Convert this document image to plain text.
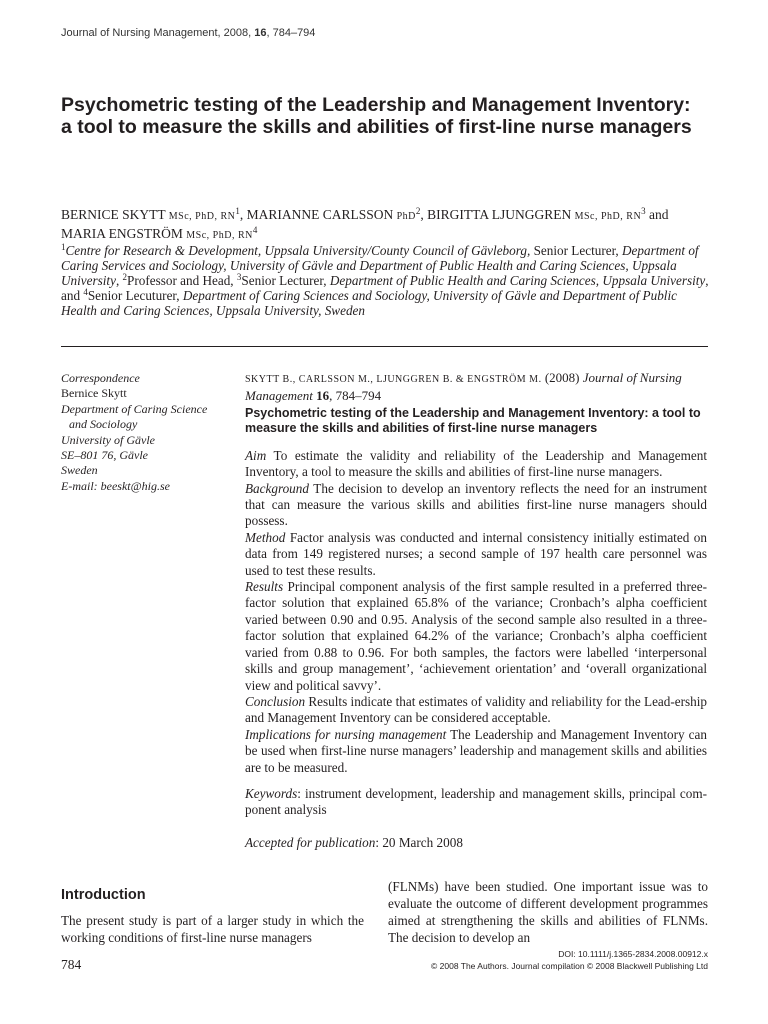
Journal of Nursing Management, 2008, 16, 784–794
Psychometric testing of the Leadership and Management Inventory: a tool to measure the skills and abilities of first-line nurse managers
BERNICE SKYTT MSc, PhD, $RN^1$, MARIANNE CARLSSON PhD$^2$, BIRGITTA LJUNGGREN MSc, PhD, $RN^3$ and
MARIA ENGSTRÖM MSc, PhD, $RN^4$
$^1$Centre for Research & Development, Uppsala University/County Council of Gävleborg, Senior Lecturer, Department of Caring Services and Sociology, University of Gävle and Department of Public Health and Caring Sciences, Uppsala University, $^2$Professor and Head, $^3$Senior Lecturer, Department of Public Health and Caring Sciences, Uppsala University, and $^4$Senior Lecuturer, Department of Caring Sciences and Sociology, University of Gävle and Department of Public Health and Caring Sciences, Uppsala University, Sweden
Correspondence
Bernice Skytt
Department of Caring Science
and Sociology
University of Gävle
SE–801 76, Gävle
Sweden
E-mail: beeskt@hig.se
SKYTT B., CARLSSON M., LJUNGGREN B. & ENGSTRÖM M. (2008) Journal of Nursing Management 16, 784–794
Psychometric testing of the Leadership and Management Inventory: a tool to measure the skills and abilities of first-line nurse managers

Aim To estimate the validity and reliability of the Leadership and Management Inventory, a tool to measure the skills and abilities of first-line nurse managers.

Background The decision to develop an inventory reflects the need for an instrument that can measure the various skills and abilities first-line nurse managers should possess.

Method Factor analysis was conducted and internal consistency initially estimated on data from 149 registered nurses; a second sample of 197 health care personnel was used to test these results.

Results Principal component analysis of the first sample resulted in a preferred three-factor solution that explained 65.8% of the variance; Cronbach’s alpha coefficient varied between 0.90 and 0.95. Analysis of the second sample also resulted in a three-factor solution that explained 64.2% of the variance; Cronbach’s alpha coefficient varied from 0.88 to 0.96. For both samples, the factors were labelled ‘interpersonal skills and group management’, ‘achievement orientation’ and ‘overall organizational view and political savvy’.

Conclusion Results indicate that estimates of validity and reliability for the Lead-ership and Management Inventory can be considered acceptable.

Implications for nursing management The Leadership and Management Inventory can be used when first-line nurse managers’ leadership and management skills and abilities are to be measured.

Keywords: instrument development, leadership and management skills, principal com-ponent analysis

Accepted for publication: 20 March 2008

Introduction
The present study is part of a larger study in which the working conditions of first-line nurse managers
(FLNMs) have been studied. One important issue was to evaluate the outcome of different development programmes aimed at strengthening the skills and abilities of FLNMs. The decision to develop an
784
DOI: 10.1111/j.1365-2834.2008.00912.x
© 2008 The Authors. Journal compilation © 2008 Blackwell Publishing Ltd
